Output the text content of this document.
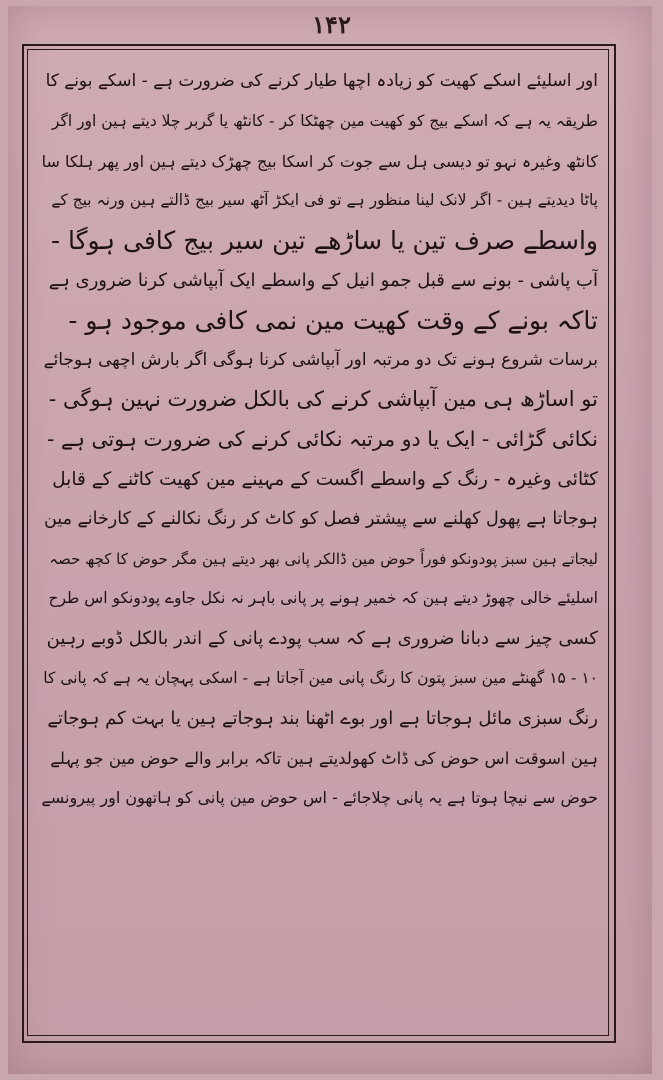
۱۴۲
اور اسلیئے اسکے کھیت کو زیادہ اچھا طیار کرنے کی ضرورت ہے - اسکے بونے کا
طریقہ یہ ہے کہ اسکے بیج کو کھیت مین چھٹکا کر - کانٹھ یا گربر چلا دیتے ہین اور اگر
کانٹھ وغیرہ نہو تو دیسی ہل سے جوت کر اسکا بیج چھڑک دیتے ہین اور پھر ہلکا سا
پاٹا دیدیتے ہین - اگر لانک لینا منظور ہے تو فی ایکڑ آٹھ سیر بیج ڈالتے ہین ورنہ بیج کے
واسطے صرف تین یا ساڑھے تین سیر بیج کافی ہوگا -
آب پاشی - بونے سے قبل جمو انیل کے واسطے ایک آبپاشی کرنا ضروری ہے
تاکہ بونے کے وقت کھیت مین نمی کافی موجود ہو -
برسات شروع ہونے تک دو مرتبہ اور آبپاشی کرنا ہوگی اگر بارش اچھی ہوجائے
تو اساڑھ ہی مین آبپاشی کرنے کی بالکل ضرورت نہین ہوگی -
نکائی گڑائی - ایک یا دو مرتبہ نکائی کرنے کی ضرورت ہوتی ہے -
کٹائی وغیرہ - رنگ کے واسطے اگست کے مہینے مین کھیت کاٹنے کے قابل
ہوجاتا ہے پھول کھلنے سے پیشتر فصل کو کاٹ کر رنگ نکالنے کے کارخانے مین
لیجاتے ہین سبز پودونکو فوراً حوض مین ڈالکر پانی بھر دیتے ہین مگر حوض کا کچھ حصہ
اسلیئے خالی چھوڑ دیتے ہین کہ خمیر ہونے پر پانی باہر نہ نکل جاوے پودونکو اس طرح
کسی چیز سے دبانا ضروری ہے کہ سب پودے پانی کے اندر بالکل ڈوبے رہین
۱۰ - ۱۵ گھنٹے مین سبز پتون کا رنگ پانی مین آجاتا ہے - اسکی پہچان یہ ہے کہ پانی کا
رنگ سبزی مائل ہوجاتا ہے اور بوے اٹھنا بند ہوجاتے ہین یا بہت کم ہوجاتے
ہین اسوقت اس حوض کی ڈاٹ کھولدیتے ہین تاکہ برابر والے حوض مین جو پہلے
حوض سے نیچا ہوتا ہے یہ پانی چلاجائے - اس حوض مین پانی کو ہاتھون اور پیرونسے
